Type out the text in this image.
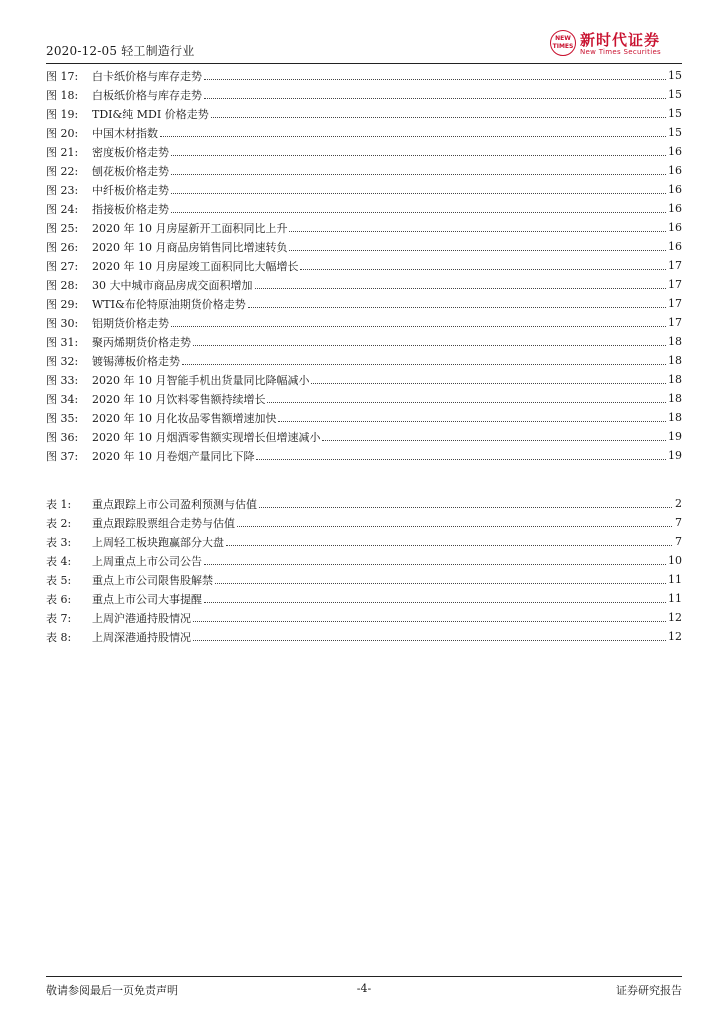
2020-12-05 轻工制造行业
NEW
TIMES 新时代证券
New Times Securities
图 17:	白卡纸价格与库存走势	15
图 18:	白板纸价格与库存走势	15
图 19:	TDI&纯 MDI 价格走势	15
图 20:	中国木材指数	15
图 21:	密度板价格走势	16
图 22:	刨花板价格走势	16
图 23:	中纤板价格走势	16
图 24:	指接板价格走势	16
图 25:	2020 年 10 月房屋新开工面积同比上升	16
图 26:	2020 年 10 月商品房销售同比增速转负	16
图 27:	2020 年 10 月房屋竣工面积同比大幅增长	17
图 28:	30 大中城市商品房成交面积增加	17
图 29:	WTI&布伦特原油期货价格走势	17
图 30:	铝期货价格走势	17
图 31:	聚丙烯期货价格走势	18
图 32:	镀锡薄板价格走势	18
图 33:	2020 年 10 月智能手机出货量同比降幅减小	18
图 34:	2020 年 10 月饮料零售额持续增长	18
图 35:	2020 年 10 月化妆品零售额增速加快	18
图 36:	2020 年 10 月烟酒零售额实现增长但增速减小	19
图 37:	2020 年 10 月卷烟产量同比下降	19
表 1:	重点跟踪上市公司盈利预测与估值	2
表 2:	重点跟踪股票组合走势与估值	7
表 3:	上周轻工板块跑赢部分大盘	7
表 4:	上周重点上市公司公告	10
表 5:	重点上市公司限售股解禁	11
表 6:	重点上市公司大事提醒	11
表 7:	上周沪港通持股情况	12
表 8:	上周深港通持股情况	12
敬请参阅最后一页免责声明	-4-	证券研究报告
